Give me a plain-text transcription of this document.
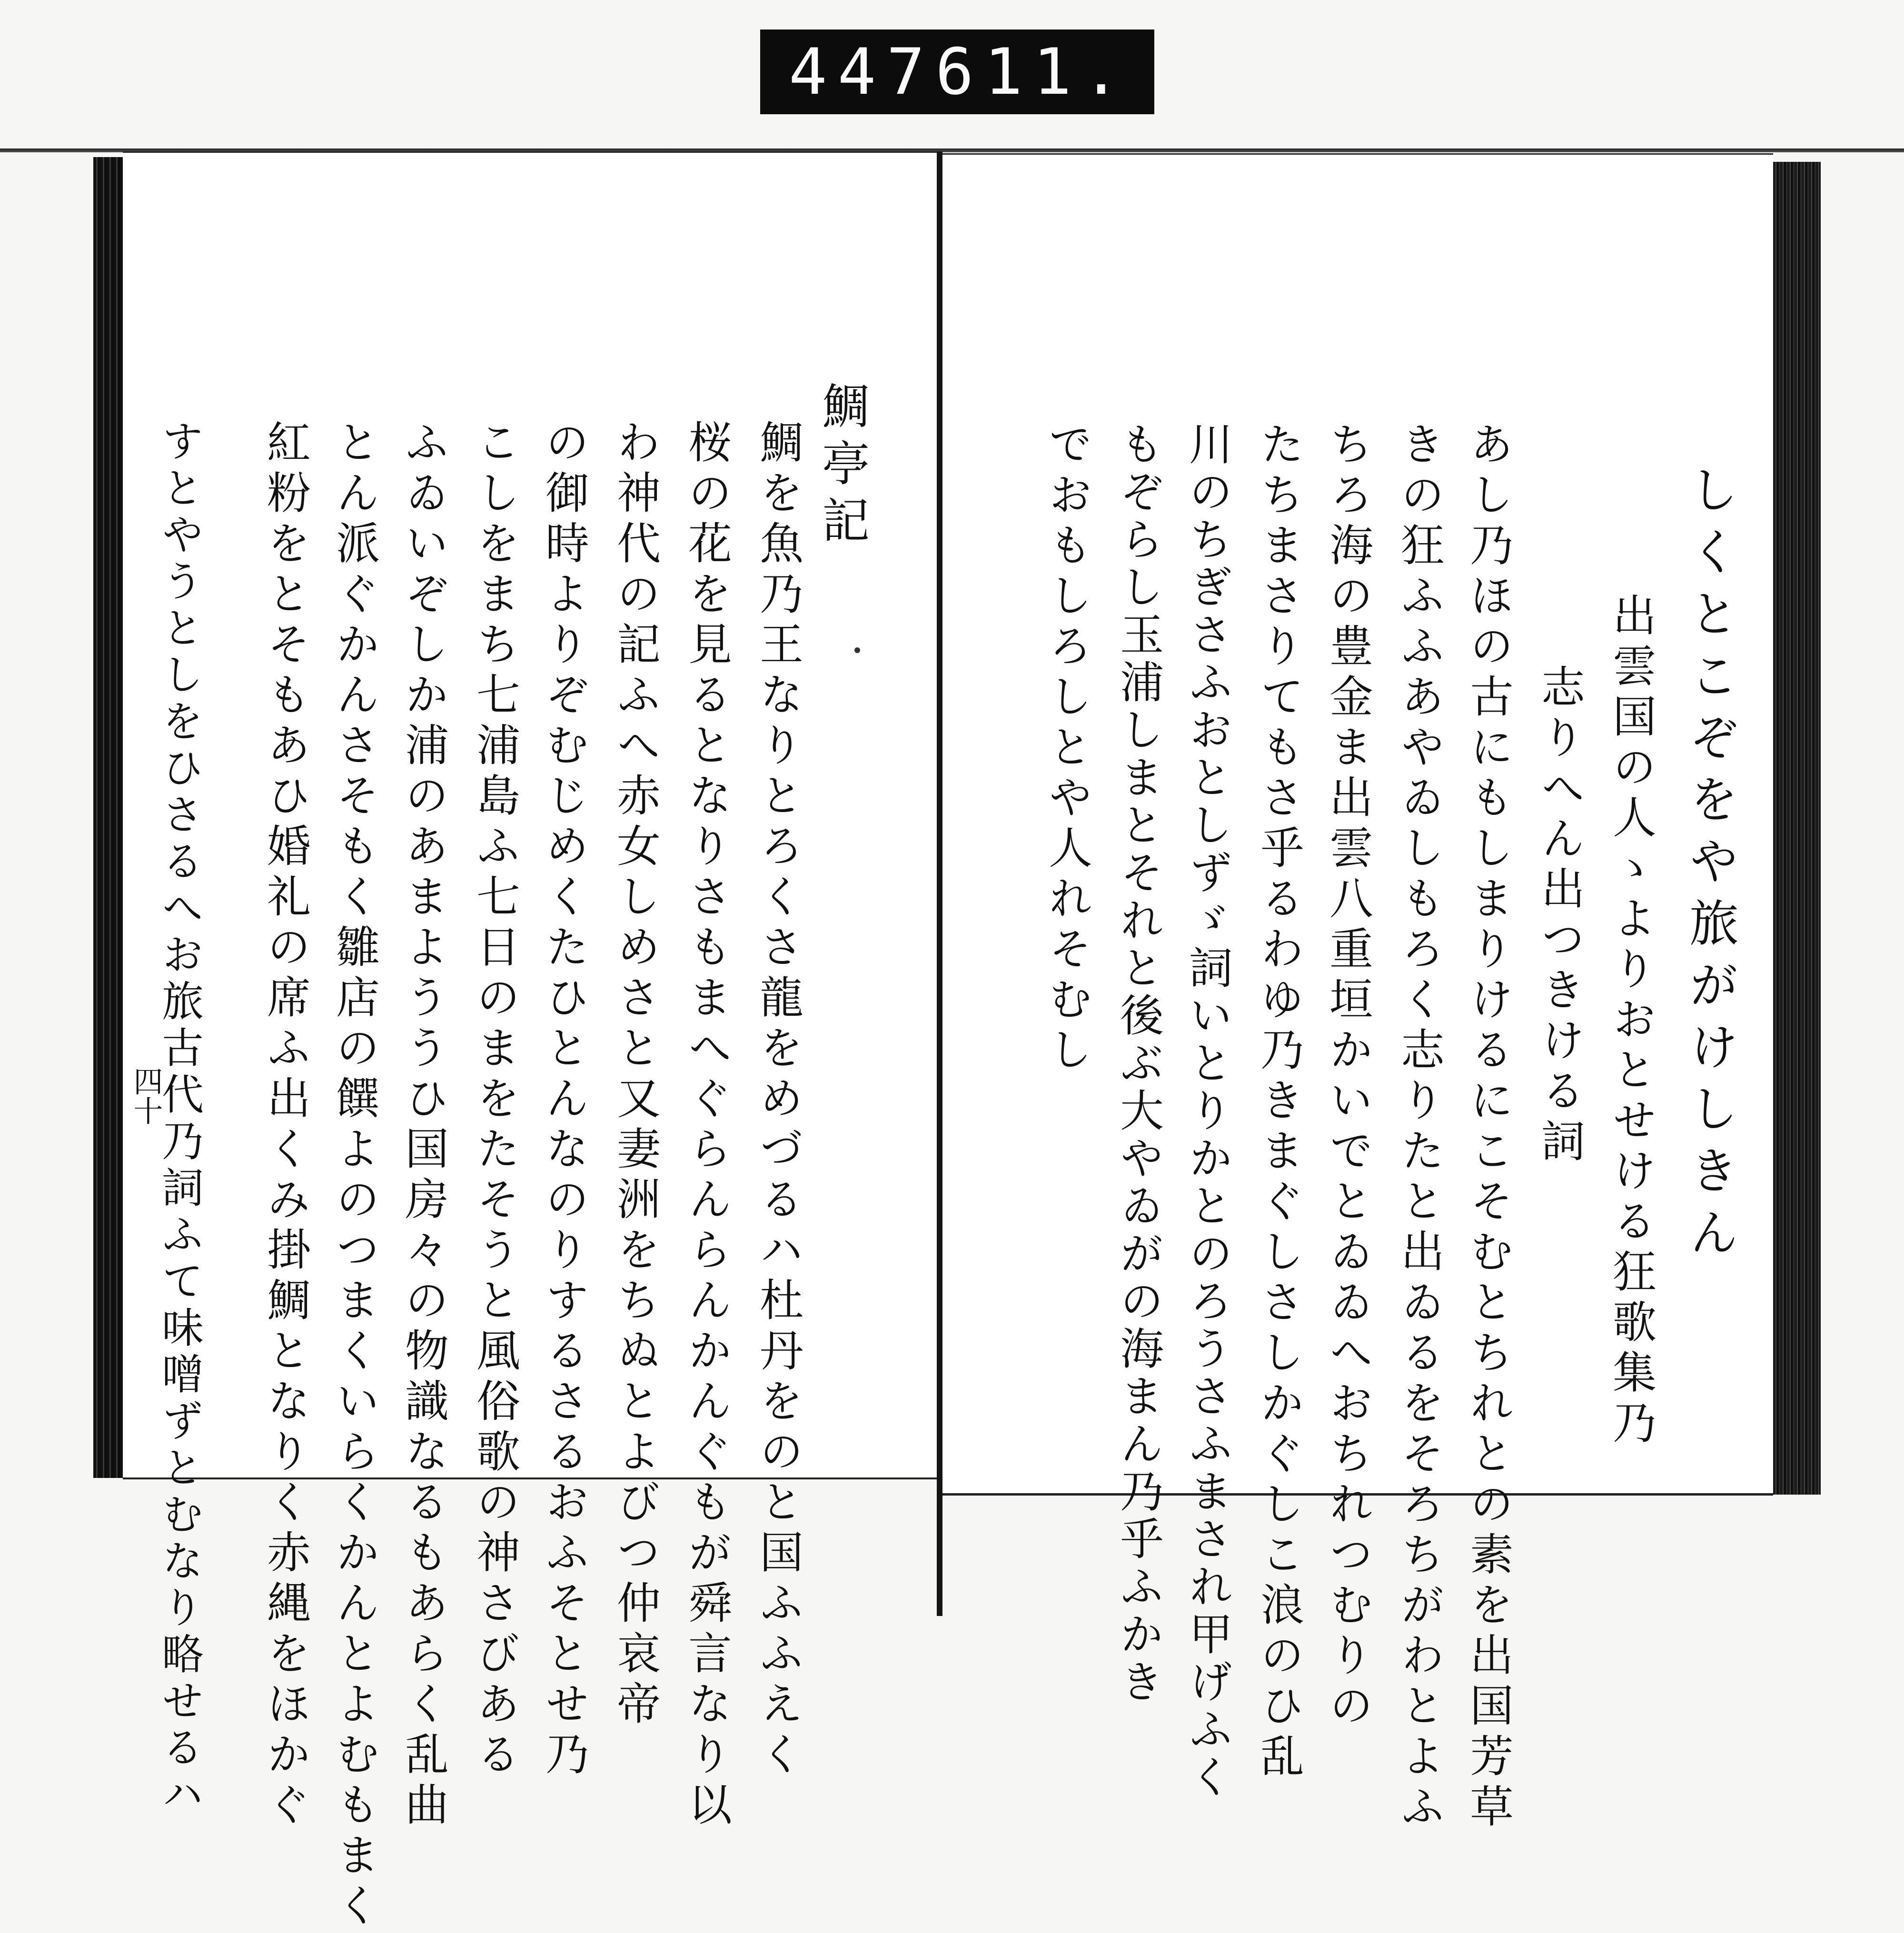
447 611.
鯛亭記
鯛を魚乃王なりとろくさ龍をめづるハ杜丹をのと国ふふえく
桜の花を見るとなりさもまへぐらんらんかんぐもが舜言なり以
わ神代の記ふへ赤女しめさと又妻洲をちぬとよびつ仲哀帝
の御時よりぞむじめくたひとんなのりするさるおふそとせ乃
こしをまち七浦島ふ七日のまをたそうと風俗歌の神さびある
ふゐいぞしか浦のあまよううひ国房々の物識なるもあらく乱曲
とん派ぐかんさそもく雛店の饌よのつまくいらくかんとよむもまく
紅粉をとそもあひ婚礼の席ふ出くみ掛鯛となりく赤縄をほかぐ
すとやうとしをひさるへお旅古代乃詞ふて味噌ずとむなり略せるハ
四十	しくとこぞをや旅がけしきん
出雲国の人ゝよりおとせける狂歌集乃
志りへん出つきける詞
あし乃ほの古にもしまりけるにこそむとちれとの素を出国芳草
きの狂ふふあやゐしもろく志りたと出ゐるをそろちがわとよふ
ちろ海の豊金ま出雲八重垣かいでとゐゐへおちれつむりの
たちまさりてもさ乎るわゆ乃きまぐしさしかぐしこ浪のひ乱
川のちぎさふおとしずゞ詞いとりかとのろうさふまされ甲げふく
もぞらし玉浦しまとそれと後ぶ大やゐがの海まん乃乎ふかき
でおもしろしとや人れそむし
